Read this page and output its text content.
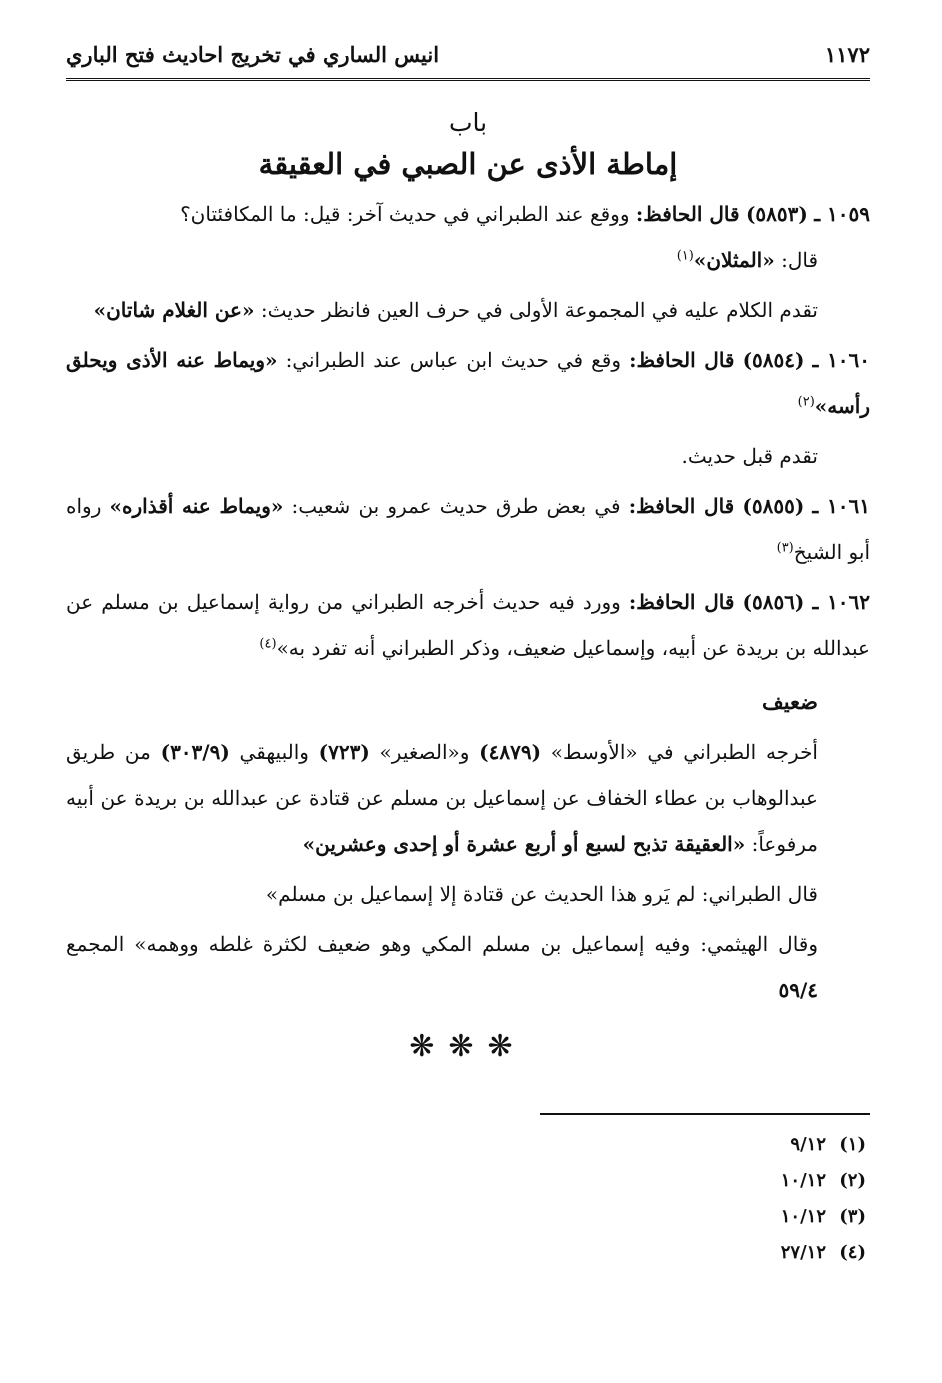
١١٧٢
انيس الساري في تخريج احاديث فتح الباري
باب
إماطة الأذى عن الصبي في العقيقة
١٠٥٩ ـ (٥٨٥٣) قال الحافظ: ووقع عند الطبراني في حديث آخر: قيل: ما المكافئتان؟
قال: «المثلان»$^{(١)}$
تقدم الكلام عليه في المجموعة الأولى في حرف العين فانظر حديث: «عن الغلام شاتان»
١٠٦٠ ـ (٥٨٥٤) قال الحافظ: وقع في حديث ابن عباس عند الطبراني: «ويماط عنه الأذى ويحلق رأسه»$^{(٢)}$
تقدم قبل حديث.
١٠٦١ ـ (٥٨٥٥) قال الحافظ: في بعض طرق حديث عمرو بن شعيب: «ويماط عنه أقذاره» رواه أبو الشيخ$^{(٣)}$
١٠٦٢ ـ (٥٨٥٦) قال الحافظ: وورد فيه حديث أخرجه الطبراني من رواية إسماعيل بن مسلم عن عبدالله بن بريدة عن أبيه، وإسماعيل ضعيف، وذكر الطبراني أنه تفرد به»$^{(٤)}$
ضعيف
أخرجه الطبراني في «الأوسط» (٤٨٧٩) و«الصغير» (٧٢٣) والبيهقي (٣٠٣/٩) من طريق عبدالوهاب بن عطاء الخفاف عن إسماعيل بن مسلم عن قتادة عن عبدالله بن بريدة عن أبيه مرفوعاً: «العقيقة تذبح لسبع أو أربع عشرة أو إحدى وعشرين»
قال الطبراني: لم يَرو هذا الحديث عن قتادة إلا إسماعيل بن مسلم»
وقال الهيثمي: وفيه إسماعيل بن مسلم المكي وهو ضعيف لكثرة غلطه ووهمه» المجمع ٥٩/٤
❋❋❋
(١)٩/١٢
(٢)١٠/١٢
(٣)١٠/١٢
(٤)٢٧/١٢
